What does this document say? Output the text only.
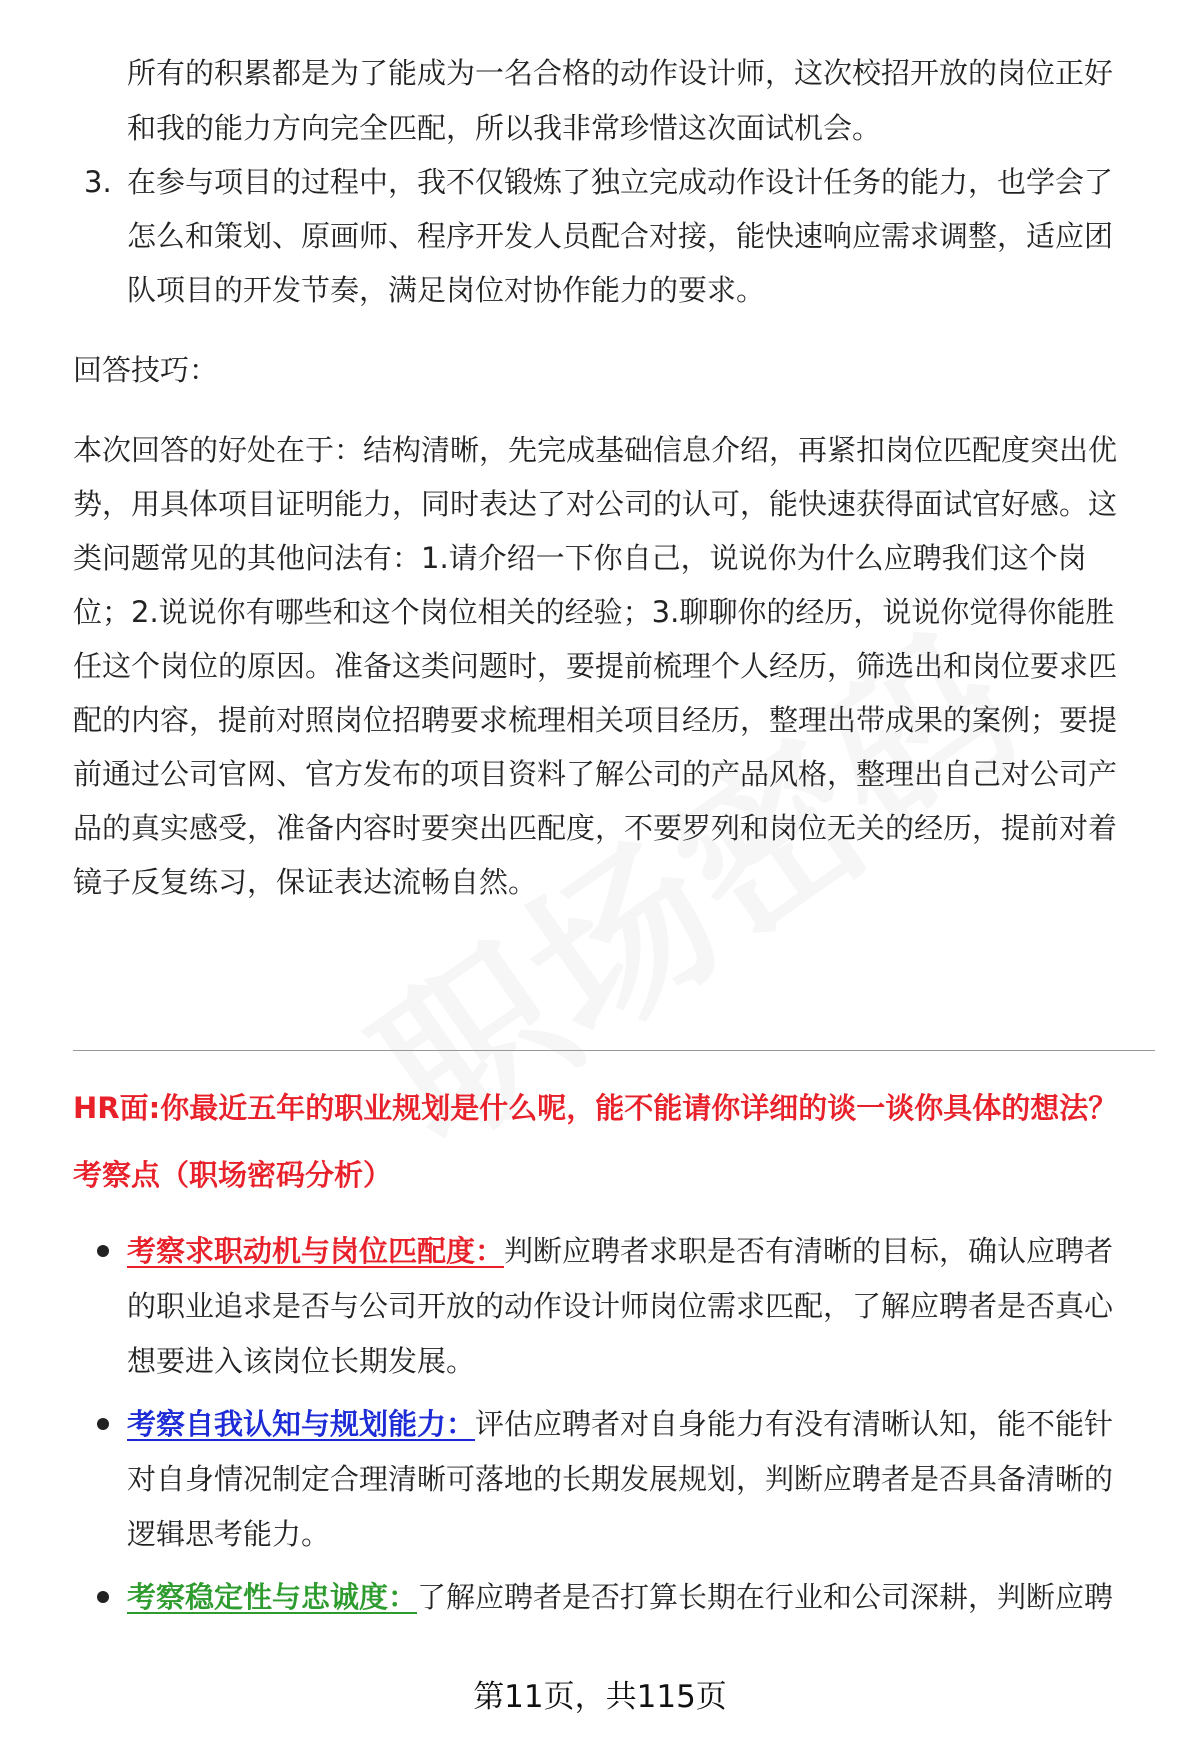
所有的积累都是为了能成为一名合格的动作设计师，这次校招开放的岗位正好
和我的能力方向完全匹配，所以我非常珍惜这次面试机会。
3. 在参与项目的过程中，我不仅锻炼了独立完成动作设计任务的能力，也学会了
怎么和策划、原画师、程序开发人员配合对接，能快速响应需求调整，适应团
队项目的开发节奏，满足岗位对协作能力的要求。
回答技巧：
本次回答的好处在于：结构清晰，先完成基础信息介绍，再紧扣岗位匹配度突出优
势，用具体项目证明能力，同时表达了对公司的认可，能快速获得面试官好感。这
类问题常见的其他问法有：1.请介绍一下你自己，说说你为什么应聘我们这个岗
位；2.说说你有哪些和这个岗位相关的经验；3.聊聊你的经历，说说你觉得你能胜
任这个岗位的原因。准备这类问题时，要提前梳理个人经历，筛选出和岗位要求匹
配的内容，提前对照岗位招聘要求梳理相关项目经历，整理出带成果的案例；要提
前通过公司官网、官方发布的项目资料了解公司的产品风格，整理出自己对公司产
品的真实感受，准备内容时要突出匹配度，不要罗列和岗位无关的经历，提前对着
镜子反复练习，保证表达流畅自然。
HR面:你最近五年的职业规划是什么呢，能不能请你详细的谈一谈你具体的想法？
考察点（职场密码分析）
考察求职动机与岗位匹配度：判断应聘者求职是否有清晰的目标，确认应聘者
的职业追求是否与公司开放的动作设计师岗位需求匹配，了解应聘者是否真心
想要进入该岗位长期发展。
考察自我认知与规划能力：评估应聘者对自身能力有没有清晰认知，能不能针
对自身情况制定合理清晰可落地的长期发展规划，判断应聘者是否具备清晰的
逻辑思考能力。
考察稳定性与忠诚度：了解应聘者是否打算长期在行业和公司深耕，判断应聘
第11页，共115页
